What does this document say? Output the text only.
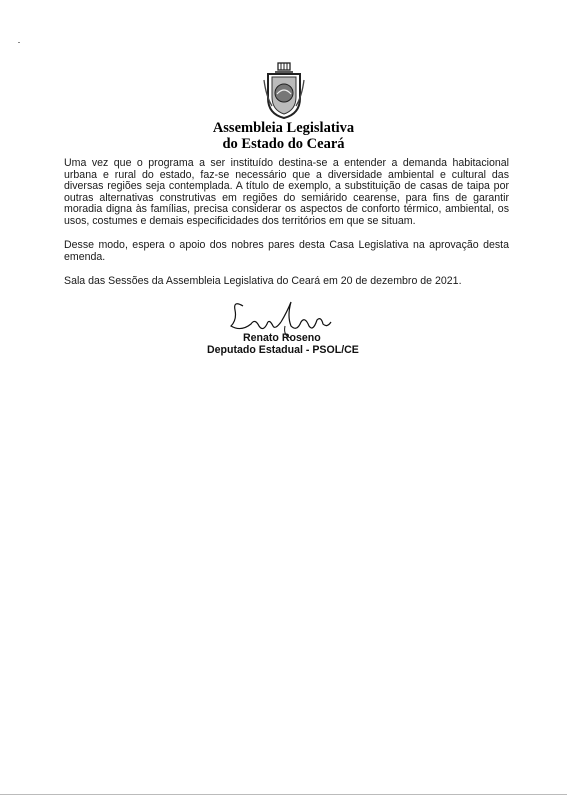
Assembleia Legislativa
do Estado do Ceará

Uma vez que o programa a ser instituído destina-se a entender a demanda habitacional urbana e rural do estado, faz-se necessário que a diversidade ambiental e cultural das diversas regiões seja contemplada. A título de exemplo, a substituição de casas de taipa por outras alternativas construtivas em regiões do semiárido cearense, para fins de garantir moradia digna às famílias, precisa considerar os aspectos de conforto térmico, ambiental, os usos, costumes e demais especificidades dos territórios em que se situam.

Desse modo, espera o apoio dos nobres pares desta Casa Legislativa na aprovação desta emenda.

Sala das Sessões da Assembleia Legislativa do Ceará em 20 de dezembro de 2021.

Renato Roseno
Deputado Estadual - PSOL/CE
